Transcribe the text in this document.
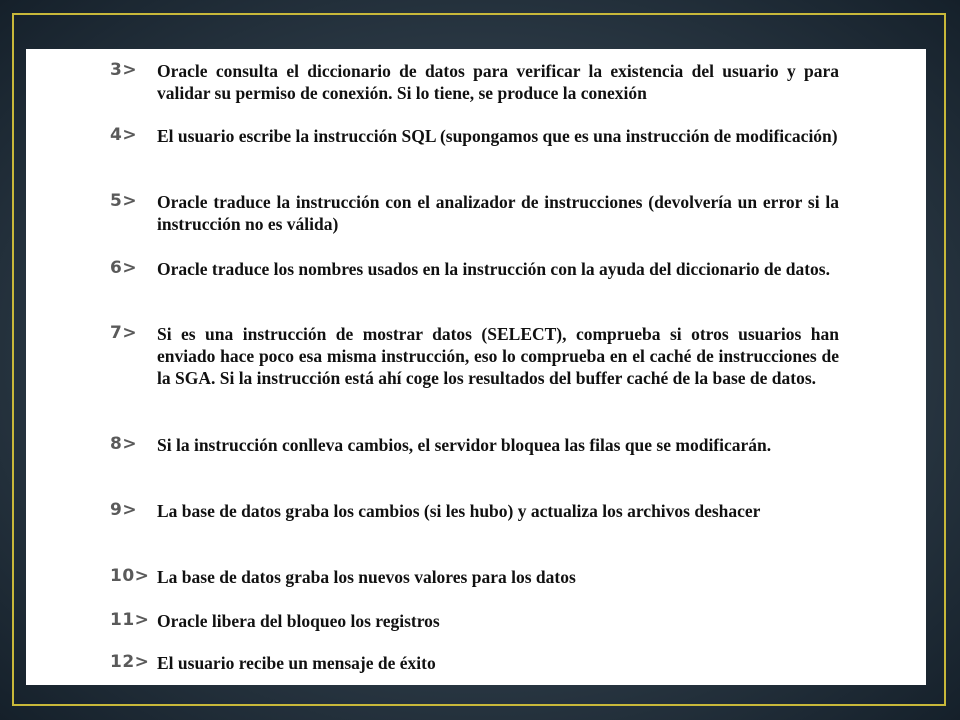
3> Oracle consulta el diccionario de datos para verificar la existencia del usuario y para validar su permiso de conexión. Si lo tiene, se produce la conexión

4> El usuario escribe la instrucción SQL (supongamos que es una instrucción de modificación)

5> Oracle traduce la instrucción con el analizador de instrucciones (devolvería un error si la instrucción no es válida)

6> Oracle traduce los nombres usados en la instrucción con la ayuda del diccionario de datos.

7> Si es una instrucción de mostrar datos (SELECT), comprueba si otros usuarios han enviado hace poco esa misma instrucción, eso lo comprueba en el caché de instrucciones de la SGA. Si la instrucción está ahí coge los resultados del buffer caché de la base de datos.

8> Si la instrucción conlleva cambios, el servidor bloquea las filas que se modificarán.

9> La base de datos graba los cambios (si les hubo) y actualiza los archivos deshacer

10> La base de datos graba los nuevos valores para los datos

11> Oracle libera del bloqueo los registros

12> El usuario recibe un mensaje de éxito
